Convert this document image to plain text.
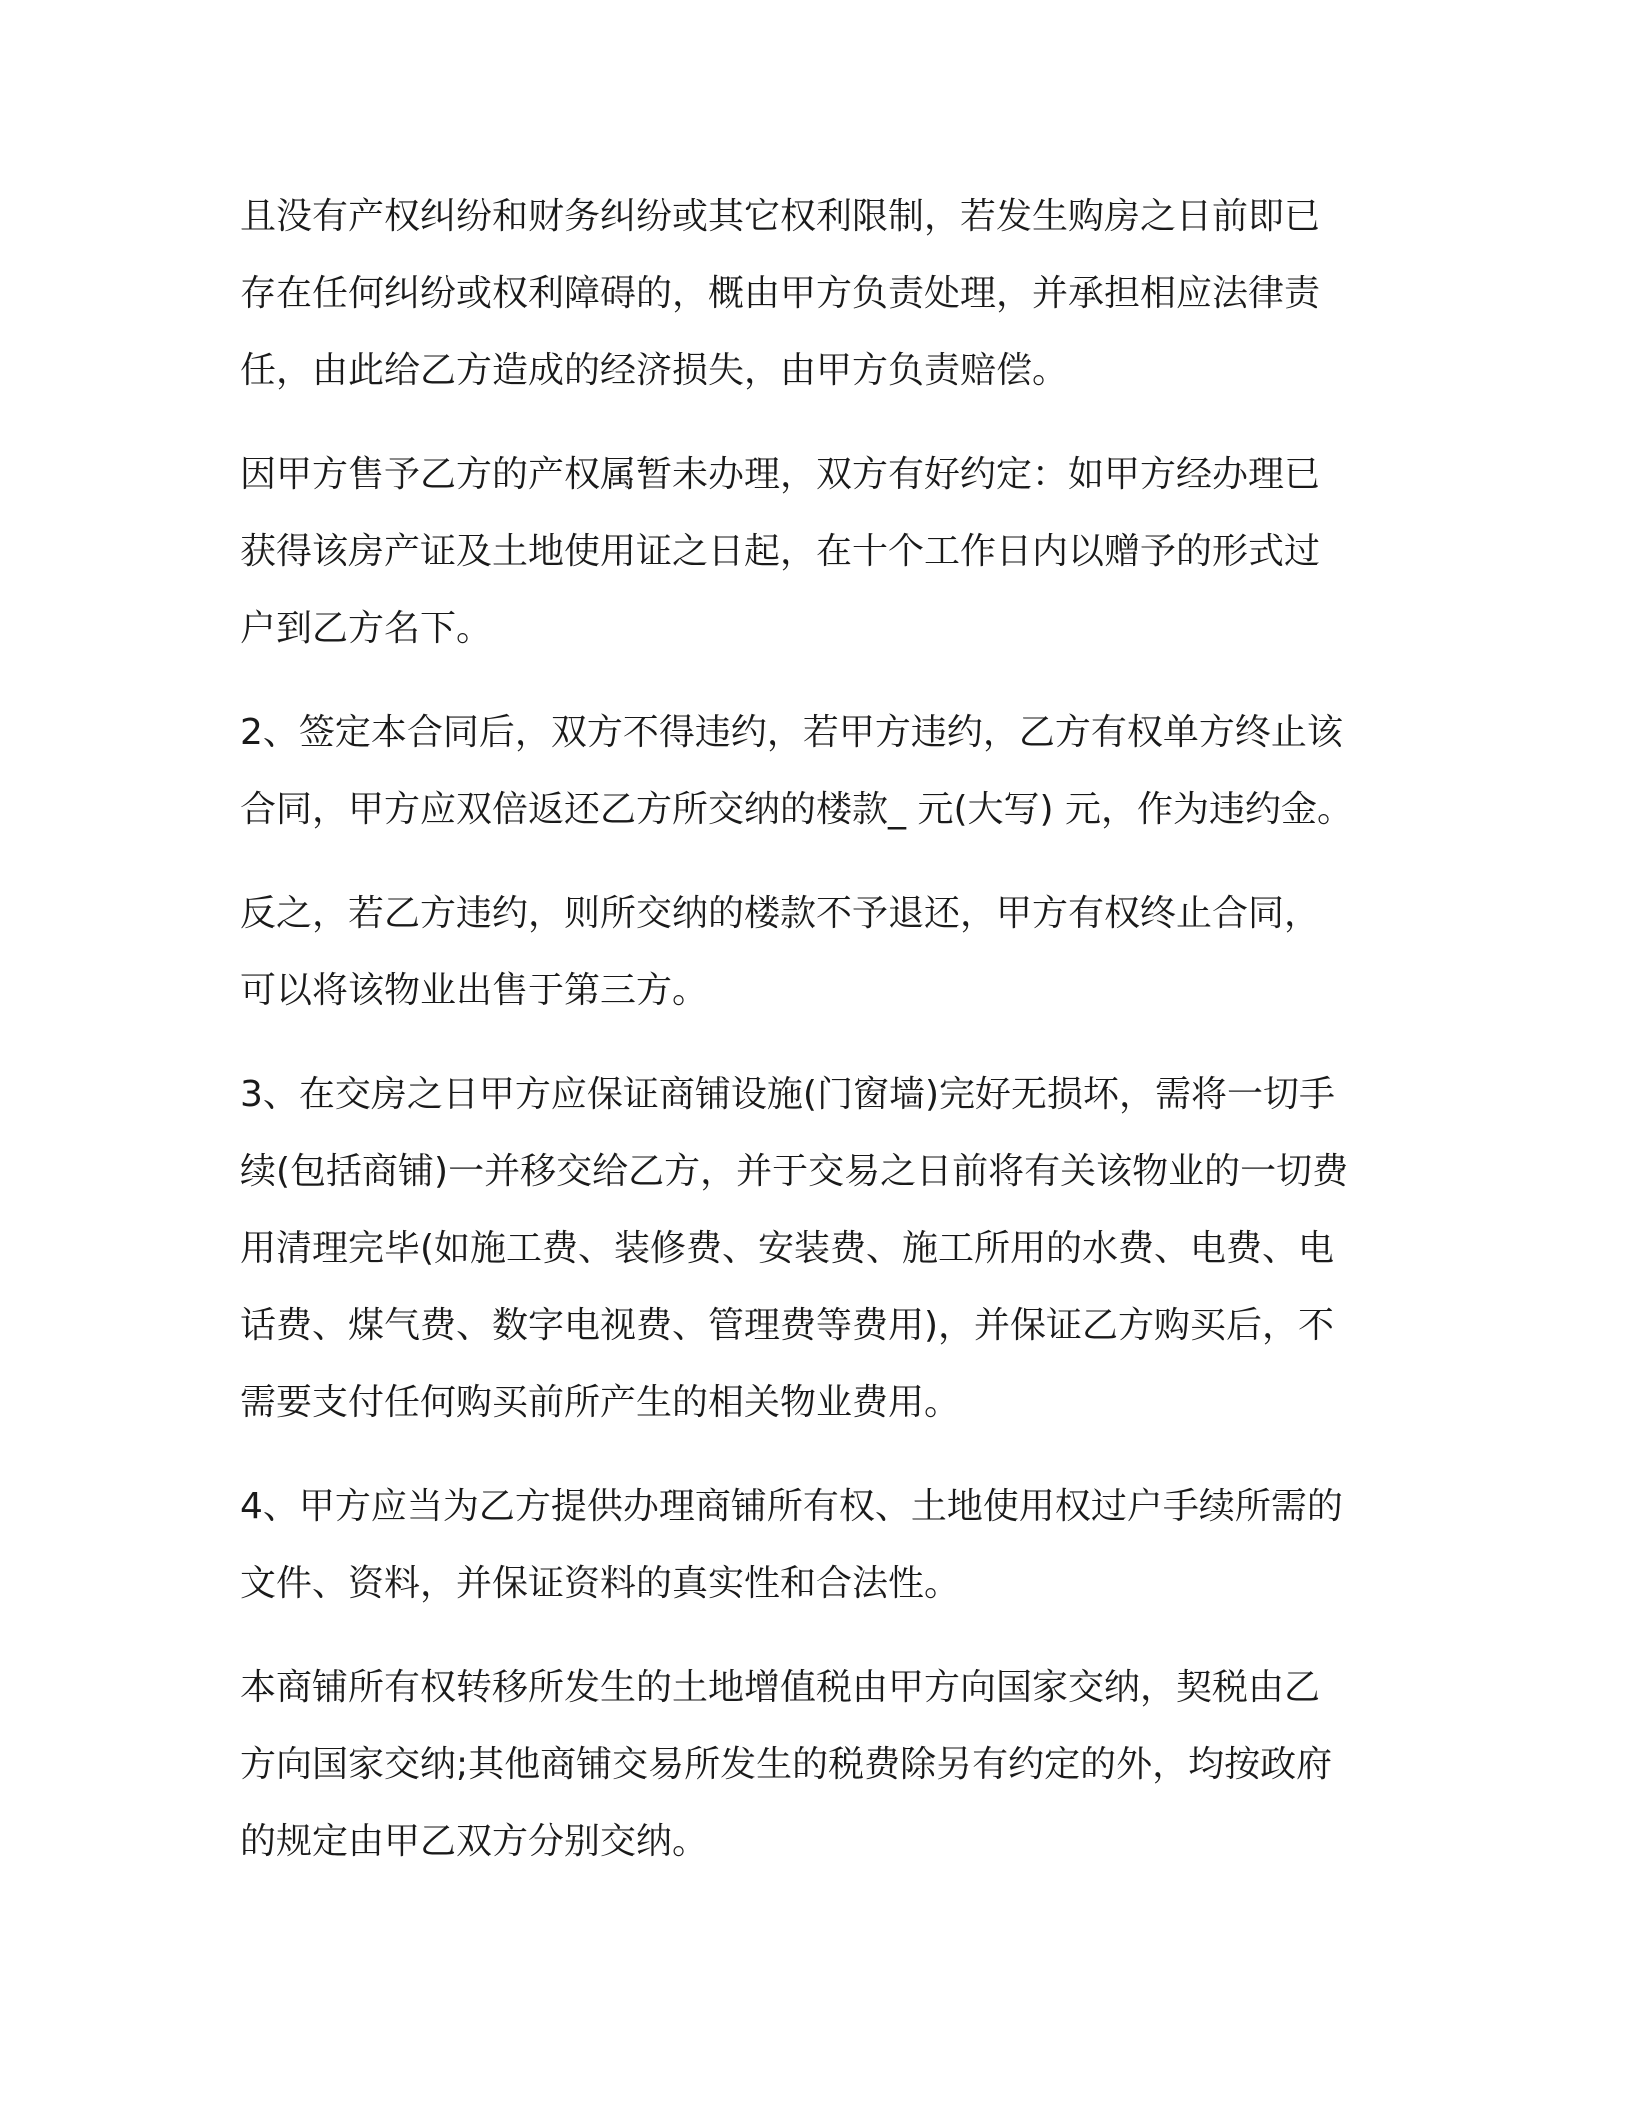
且没有产权纠纷和财务纠纷或其它权利限制，若发生购房之日前即已
存在任何纠纷或权利障碍的，概由甲方负责处理，并承担相应法律责
任，由此给乙方造成的经济损失，由甲方负责赔偿。

因甲方售予乙方的产权属暂未办理，双方有好约定：如甲方经办理已
获得该房产证及土地使用证之日起，在十个工作日内以赠予的形式过
户到乙方名下。

2、签定本合同后，双方不得违约，若甲方违约，乙方有权单方终止该
合同，甲方应双倍返还乙方所交纳的楼款_ 元(大写) 元，作为违约金。

反之，若乙方违约，则所交纳的楼款不予退还，甲方有权终止合同，
可以将该物业出售于第三方。

3、在交房之日甲方应保证商铺设施(门窗墙)完好无损坏，需将一切手
续(包括商铺)一并移交给乙方，并于交易之日前将有关该物业的一切费
用清理完毕(如施工费、装修费、安装费、施工所用的水费、电费、电
话费、煤气费、数字电视费、管理费等费用)，并保证乙方购买后，不
需要支付任何购买前所产生的相关物业费用。

4、甲方应当为乙方提供办理商铺所有权、土地使用权过户手续所需的
文件、资料，并保证资料的真实性和合法性。

本商铺所有权转移所发生的土地增值税由甲方向国家交纳，契税由乙
方向国家交纳;其他商铺交易所发生的税费除另有约定的外，均按政府
的规定由甲乙双方分别交纳。
